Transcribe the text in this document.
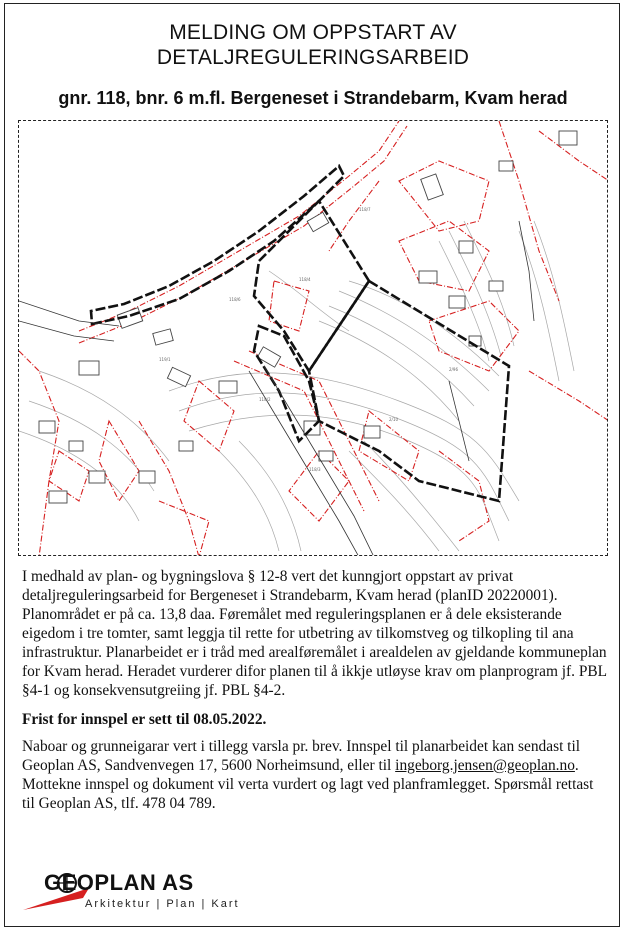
MELDING OM OPPSTART AV
DETALJREGULERINGSARBEID
gnr. 118, bnr. 6 m.fl. Bergeneset i Strandebarm, Kvam herad
118/4
118/6
118/7
2/96
118/2
118/3
119/1
2/10

I medhald av plan- og bygningslova § 12-8 vert det kunngjort oppstart av privat detaljreguleringsarbeid for Bergeneset i Strandebarm, Kvam herad (planID 20220001). Planområdet er på ca. 13,8 daa. Føremålet med reguleringsplanen er å dele eksisterande eigedom i tre tomter, samt leggja til rette for utbetring av tilkomstveg og tilkopling til ana infrastruktur. Planarbeidet er i tråd med arealføremålet i arealdelen av gjeldande kommuneplan for Kvam herad. Heradet vurderer difor planen til å ikkje utløyse krav om planprogram jf. PBL §4-1 og konsekvensutgreiing jf. PBL §4-2.

Frist for innspel er sett til 08.05.2022.

Naboar og grunneigarar vert i tillegg varsla pr. brev. Innspel til planarbeidet kan sendast til Geoplan AS, Sandvenvegen 17, 5600 Norheimsund, eller til ingeborg.jensen@geoplan.no. Mottekne innspel og dokument vil verta vurdert og lagt ved planframlegget. Spørsmål rettast til Geoplan AS, tlf. 478 04 789.

GEOPLAN AS
Arkitektur | Plan | Kart
